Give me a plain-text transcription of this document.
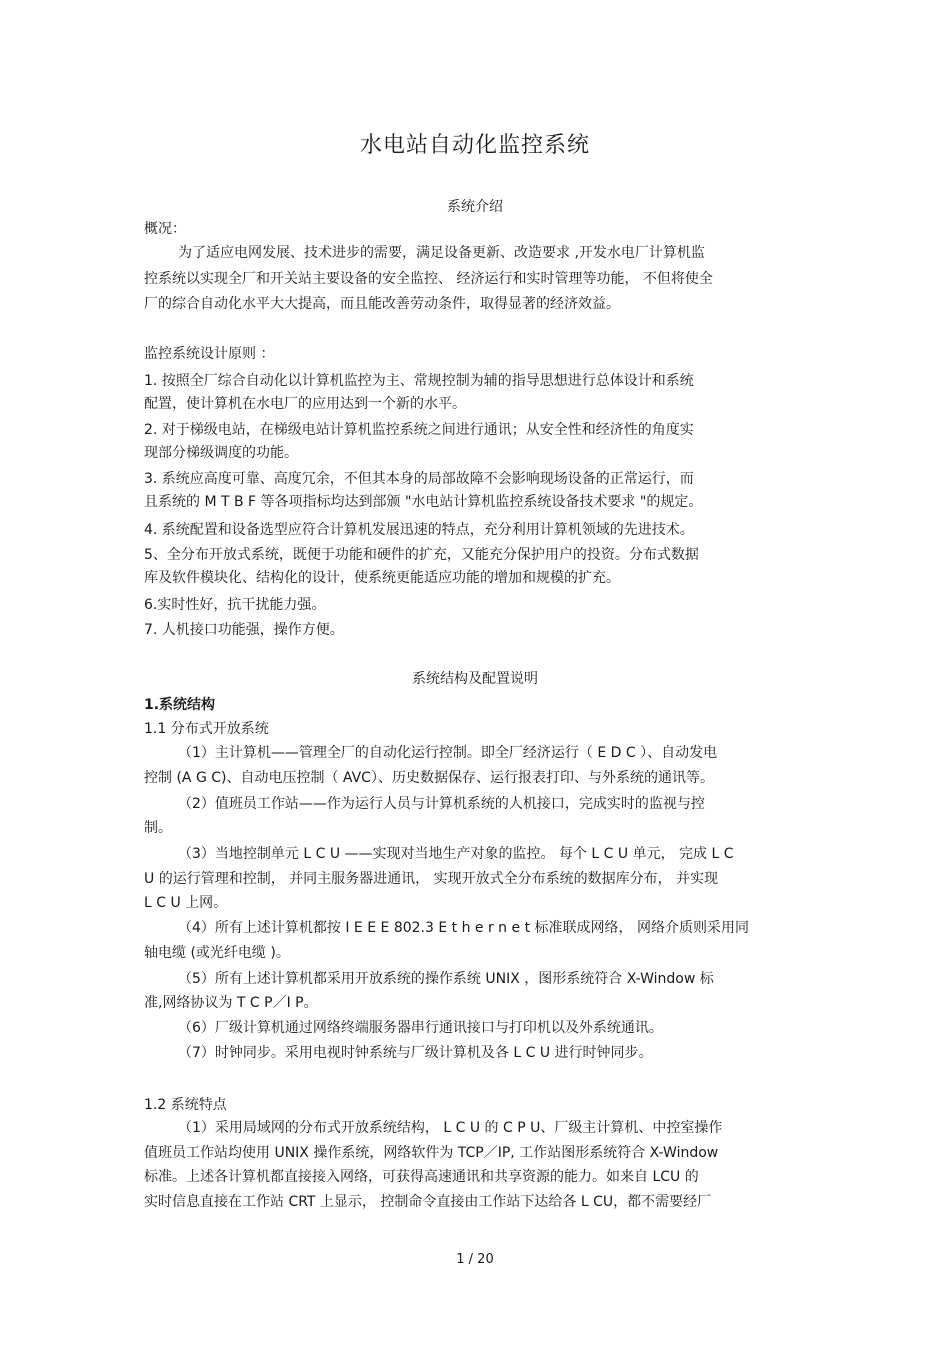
水电站自动化监控系统
系统介绍
概况：
为了适应电网发展、技术进步的需要，满足设备更新、改造要求 ,开发水电厂计算机监
控系统以实现全厂和开关站主要设备的安全监控、 经济运行和实时管理等功能， 不但将使全
厂的综合自动化水平大大提高，而且能改善劳动条件，取得显著的经济效益。
监控系统设计原则 ：
1. 按照全厂综合自动化以计算机监控为主、常规控制为辅的指导思想进行总体设计和系统
配置，使计算机在水电厂的应用达到一个新的水平。
2. 对于梯级电站，在梯级电站计算机监控系统之间进行通讯；从安全性和经济性的角度实
现部分梯级调度的功能。
3. 系统应高度可靠、高度冗余，不但其本身的局部故障不会影响现场设备的正常运行，而
且系统的 M T B F 等各项指标均达到部颁 "水电站计算机监控系统设备技术要求 "的规定。
4. 系统配置和设备选型应符合计算机发展迅速的特点，充分利用计算机领域的先进技术。
5、全分布开放式系统，既便于功能和硬件的扩充，又能充分保护用户的投资。分布式数据
库及软件模块化、结构化的设计，使系统更能适应功能的增加和规模的扩充。
6.实时性好，抗干扰能力强。
7. 人机接口功能强，操作方便。
系统结构及配置说明
1.系统结构
1.1 分布式开放系统
（1）主计算机——管理全厂的自动化运行控制。即全厂经济运行（ E D C ）、自动发电
控制 (A G C)、自动电压控制（ AVC）、历史数据保存、运行报表打印、与外系统的通讯等。
（2）值班员工作站——作为运行人员与计算机系统的人机接口，完成实时的监视与控
制。
（3）当地控制单元 L C U ——实现对当地生产对象的监控。 每个 L C U 单元， 完成 L C
U 的运行管理和控制， 并同主服务器进通讯， 实现开放式全分布系统的数据库分布， 并实现
L C U 上网。
（4）所有上述计算机都按 I E E E 802.3 E t h e r n e t 标准联成网络， 网络介质则采用同
轴电缆 (或光纤电缆 )。
（5）所有上述计算机都采用开放系统的操作系统 UNIX ，图形系统符合 X-Window 标
准,网络协议为 T C P／I P。
（6）厂级计算机通过网络终端服务器串行通讯接口与打印机以及外系统通讯。
（7）时钟同步。采用电视时钟系统与厂级计算机及各 L C U 进行时钟同步。
1.2 系统特点
（1）采用局域网的分布式开放系统结构， L C U 的 C P U、厂级主计算机、中控室操作
值班员工作站均使用 UNIX 操作系统，网络软件为 TCP／IP, 工作站图形系统符合 X-Window
标准。上述各计算机都直接接入网络，可获得高速通讯和共享资源的能力。如来自 LCU 的
实时信息直接在工作站 CRT 上显示， 控制命令直接由工作站下达给各 L CU，都不需要经厂
1 / 20
